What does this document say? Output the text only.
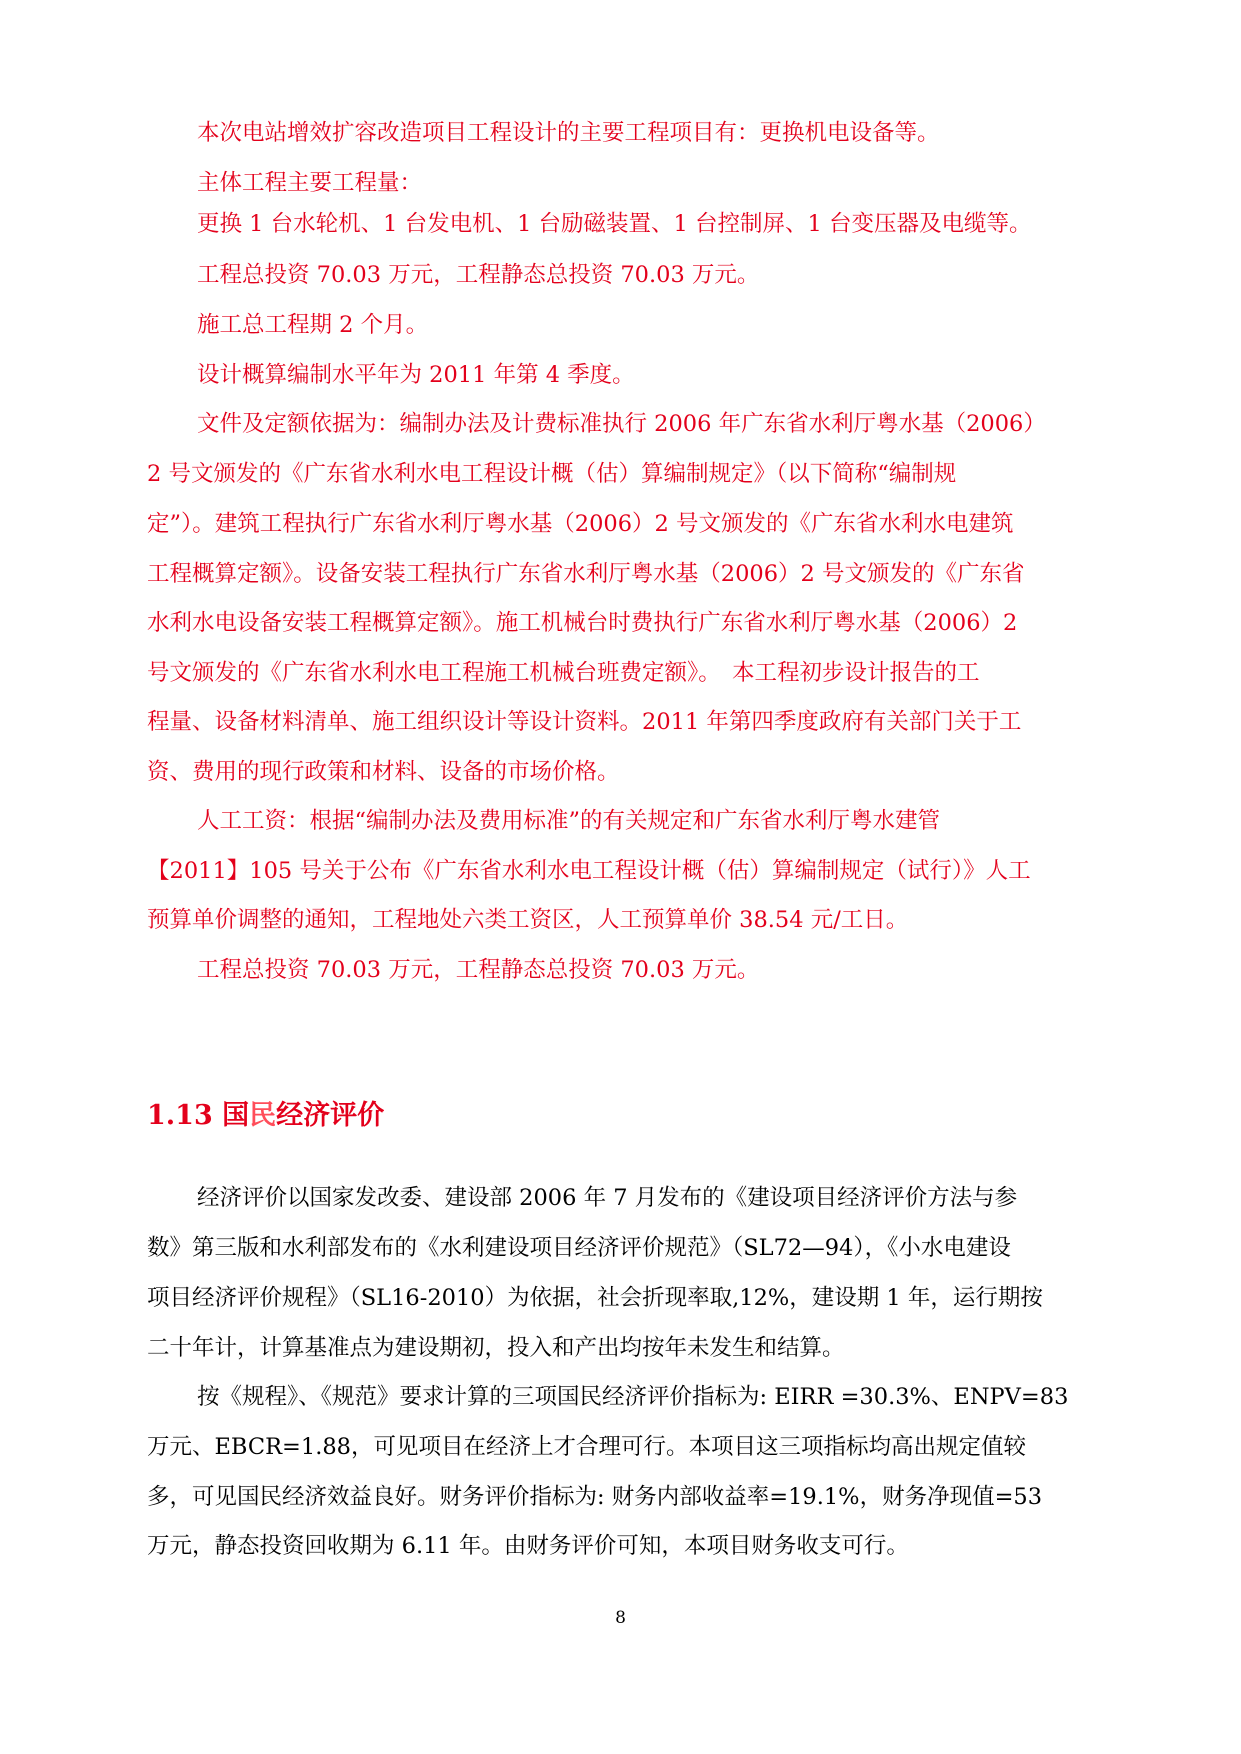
本次电站增效扩容改造项目工程设计的主要工程项目有：更换机电设备等。

主体工程主要工程量：

更换 1 台水轮机、1 台发电机、1 台励磁装置、1 台控制屏、1 台变压器及电缆等。

工程总投资 70.03 万元，工程静态总投资 70.03 万元。

施工总工程期 2 个月。

设计概算编制水平年为 2011 年第 4 季度。

文件及定额依据为：编制办法及计费标准执行 2006 年广东省水利厅粤水基（2006）

2 号文颁发的《广东省水利水电工程设计概（估）算编制规定》（以下简称“编制规

定”）。建筑工程执行广东省水利厅粤水基（2006）2 号文颁发的《广东省水利水电建筑

工程概算定额》。设备安装工程执行广东省水利厅粤水基（2006）2 号文颁发的《广东省

水利水电设备安装工程概算定额》。施工机械台时费执行广东省水利厅粤水基（2006）2

号文颁发的《广东省水利水电工程施工机械台班费定额》。　本工程初步设计报告的工

程量、设备材料清单、施工组织设计等设计资料。2011 年第四季度政府有关部门关于工

资、费用的现行政策和材料、设备的市场价格。

人工工资：根据“编制办法及费用标准”的有关规定和广东省水利厅粤水建管

【2011】105 号关于公布《广东省水利水电工程设计概（估）算编制规定（试行）》人工

预算单价调整的通知，工程地处六类工资区，人工预算单价 38.54 元/工日。

工程总投资 70.03 万元，工程静态总投资 70.03 万元。

1.13 国民经济评价

经济评价以国家发改委、建设部 2006 年 7 月发布的《建设项目经济评价方法与参

数》第三版和水利部发布的《水利建设项目经济评价规范》（SL72—94），《小水电建设

项目经济评价规程》（SL16-2010）为依据，社会折现率取,12%，建设期 1 年，运行期按

二十年计，计算基准点为建设期初，投入和产出均按年未发生和结算。

按《规程》、《规范》要求计算的三项国民经济评价指标为: EIRR =30.3%、ENPV=83

万元、EBCR=1.88，可见项目在经济上才合理可行。本项目这三项指标均高出规定值较

多，可见国民经济效益良好。财务评价指标为: 财务内部收益率=19.1%，财务净现值=53

万元，静态投资回收期为 6.11 年。由财务评价可知，本项目财务收支可行。

8
